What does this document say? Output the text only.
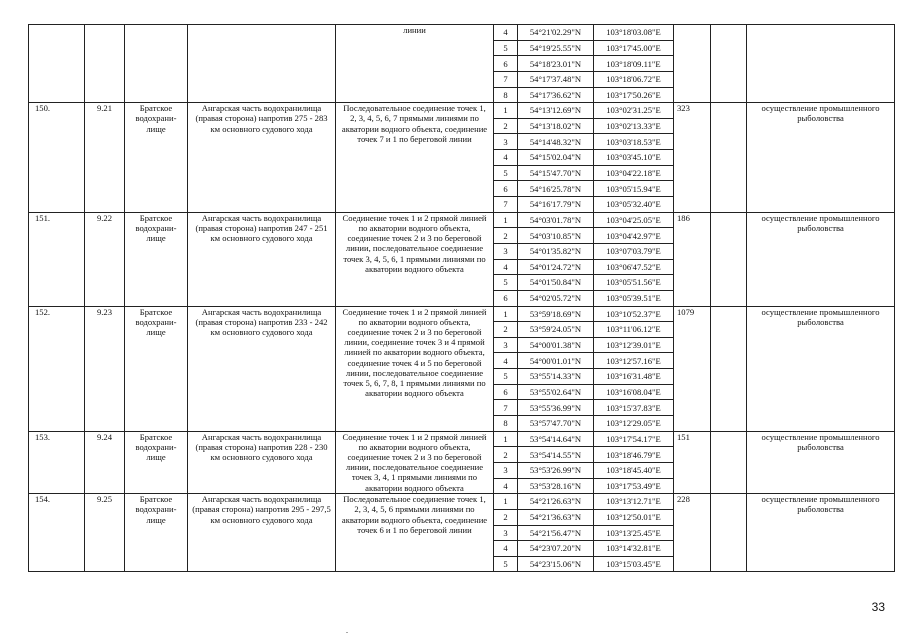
				линии	4	54°21'02.29"N	103°18'03.08"E			
					5	54°19'25.55"N	103°17'45.00"E			
					6	54°18'23.01"N	103°18'09.11"E			
					7	54°17'37.48"N	103°18'06.72"E			
					8	54°17'36.62"N	103°17'50.26"E			
150.	9.21	Братское водохрани-лище	Ангарская часть водохранилища (правая сторона) напротив 275 - 283 км основного судового хода	Последовательное соединение точек 1, 2, 3, 4, 5, 6, 7 прямыми линиями по акватории водного объекта, соединение точек 7 и 1 по береговой линии	1	54°13'12.69"N	103°02'31.25"E	323		осуществление промышленного рыболовства
					2	54°13'18.02"N	103°02'13.33"E			
					3	54°14'48.32"N	103°03'18.53"E			
					4	54°15'02.04"N	103°03'45.10"E			
					5	54°15'47.70"N	103°04'22.18"E			
					6	54°16'25.78"N	103°05'15.94"E			
					7	54°16'17.79"N	103°05'32.40"E			
151.	9.22	Братское водохрани-лище	Ангарская часть водохранилища (правая сторона) напротив 247 - 251 км основного судового хода	Соединение точек 1 и 2 прямой линией по акватории водного объекта, соединение точек 2 и 3 по береговой линии, последовательное соединение точек 3, 4, 5, 6, 1 прямыми линиями по акватории водного объекта	1	54°03'01.78"N	103°04'25.05"E	186		осуществление промышленного рыболовства
					2	54°03'10.85"N	103°04'42.97"E			
					3	54°01'35.82"N	103°07'03.79"E			
					4	54°01'24.72"N	103°06'47.52"E			
					5	54°01'50.84"N	103°05'51.56"E			
					6	54°02'05.72"N	103°05'39.51"E			
152.	9.23	Братское водохрани-лище	Ангарская часть водохранилища (правая сторона) напротив 233 - 242 км основного судового хода	Соединение точек 1 и 2 прямой линией по акватории водного объекта, соединение точек 2 и 3 по береговой линии, соединение точек 3 и 4 прямой линией по акватории водного объекта, соединение точек 4 и 5 по береговой линии, последовательное соединение точек 5, 6, 7, 8, 1 прямыми линиями по акватории водного объекта	1	53°59'18.69"N	103°10'52.37"E	1079		осуществление промышленного рыболовства
					2	53°59'24.05"N	103°11'06.12"E			
					3	54°00'01.38"N	103°12'39.01"E			
					4	54°00'01.01"N	103°12'57.16"E			
					5	53°55'14.33"N	103°16'31.48"E			
					6	53°55'02.64"N	103°16'08.04"E			
					7	53°55'36.99"N	103°15'37.83"E			
					8	53°57'47.70"N	103°12'29.05"E			
153.	9.24	Братское водохрани-лище	Ангарская часть водохранилища (правая сторона) напротив 228 - 230 км основного судового хода	Соединение точек 1 и 2 прямой линией по акватории водного объекта, соединение точек 2 и 3 по береговой линии, последовательное соединение точек 3, 4, 1 прямыми линиями по акватории водного объекта	1	53°54'14.64"N	103°17'54.17"E	151		осуществление промышленного рыболовства
					2	53°54'14.55"N	103°18'46.79"E			
					3	53°53'26.99"N	103°18'45.40"E			
					4	53°53'28.16"N	103°17'53.49"E			
154.	9.25	Братское водохрани-лище	Ангарская часть водохранилища (правая сторона) напротив 295 - 297,5 км основного судового хода	Последовательное соединение точек 1, 2, 3, 4, 5, 6 прямыми линиями по акватории водного объекта, соединение точек 6 и 1 по береговой линии	1	54°21'26.63"N	103°13'12.71"E	228		осуществление промышленного рыболовства
					2	54°21'36.63"N	103°12'50.01"E			
					3	54°21'56.47"N	103°13'25.45"E			
					4	54°23'07.20"N	103°14'32.81"E			
					5	54°23'15.06"N	103°15'03.45"E			
33
.
